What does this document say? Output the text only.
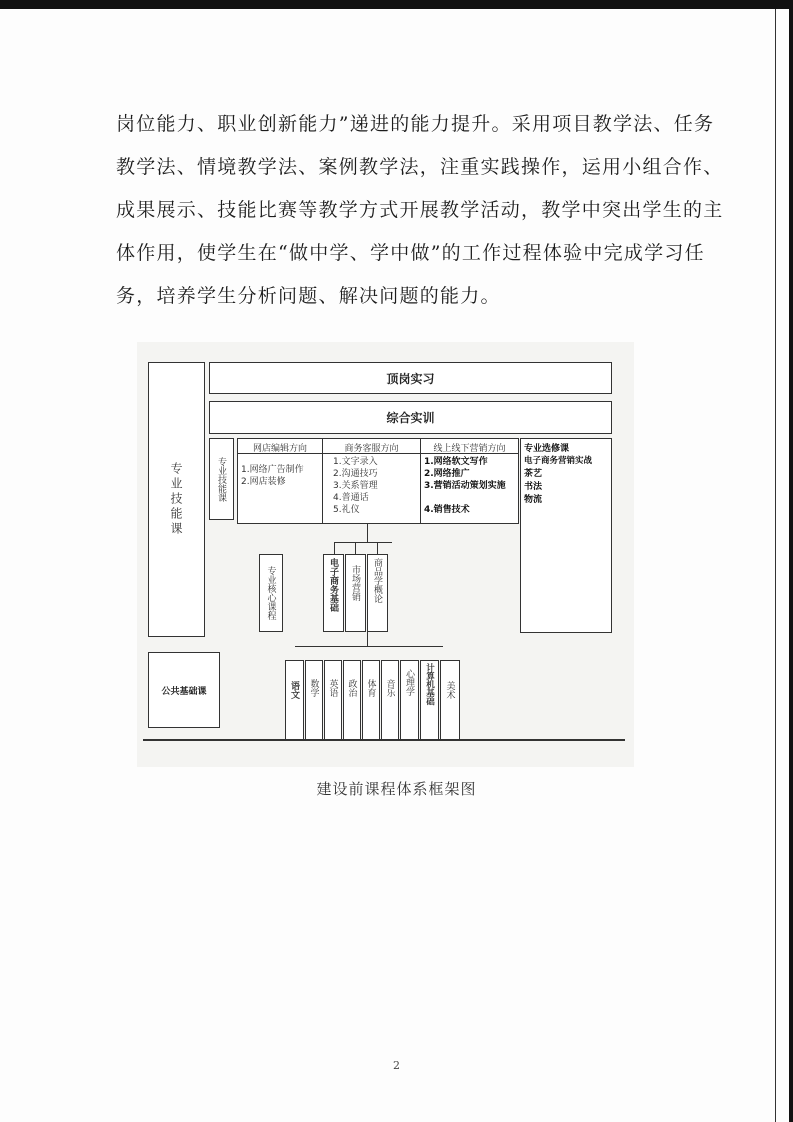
岗位能力、职业创新能力”递进的能力提升。采用项目教学法、任务
教学法、情境教学法、案例教学法，注重实践操作，运用小组合作、
成果展示、技能比赛等教学方式开展教学活动，教学中突出学生的主
体作用，使学生在“做中学、学中做”的工作过程体验中完成学习任
务，培养学生分析问题、解决问题的能力。
专业技能课
顶岗实习
综合实训
专业技能课
网店编辑方向	商务客服方向	线上线下营销方向
1.网络广告制作
2.网店装修
1.文字录入
2.沟通技巧
3.关系管理
4.普通话
5.礼仪
1.网络软文写作
2.网络推广
3.营销活动策划实施
4.销售技术
专业选修课
电子商务营销实战
茶艺
书法
物流
专业核心课程	电子商务基础 市场营销 商品学概论
公共基础课	语文 数学 英语 政治 体育 音乐 心理学 计算机基础 美术
建设前课程体系框架图
2
